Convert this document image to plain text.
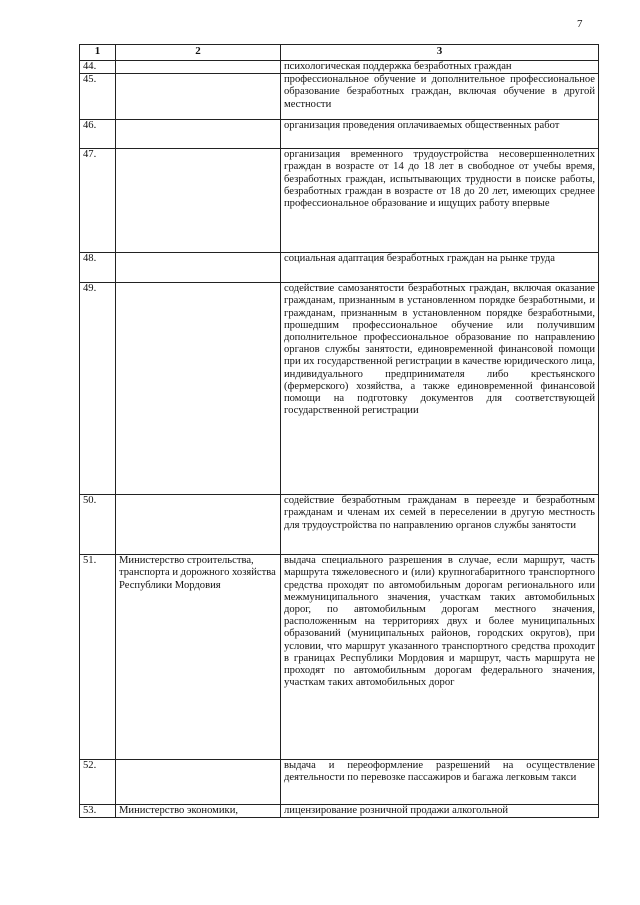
7
1	2	3
44.		психологическая поддержка безработных граждан
45.		профессиональное обучение и дополнительное профессиональное образование безработных граждан, включая обучение в другой местности
46.		организация проведения оплачиваемых общественных работ
47.		организация временного трудоустройства несовершеннолетних граждан в возрасте от 14 до 18 лет в свободное от учебы время, безработных граждан, испытывающих трудности в поиске работы, безработных граждан в возрасте от 18 до 20 лет, имеющих среднее профессиональное образование и ищущих работу впервые
48.		социальная адаптация безработных граждан на рынке труда
49.		содействие самозанятости безработных граждан, включая оказание гражданам, признанным в установленном порядке безработными, и гражданам, признанным в установленном порядке безработными, прошедшим профессиональное обучение или получившим дополнительное профессиональное образование по направлению органов службы занятости, единовременной финансовой помощи при их государственной регистрации в качестве юридического лица, индивидуального предпринимателя либо крестьянского (фермерского) хозяйства, а также единовременной финансовой помощи на подготовку документов для соответствующей государственной регистрации
50.		содействие безработным гражданам в переезде и безработным гражданам и членам их семей в переселении в другую местность для трудоустройства по направлению органов службы занятости
51.	Министерство строительства, транспорта и дорожного хозяйства Республики Мордовия	выдача специального разрешения в случае, если маршрут, часть маршрута тяжеловесного и (или) крупногабаритного транспортного средства проходят по автомобильным дорогам регионального или межмуниципального значения, участкам таких автомобильных дорог, по автомобильным дорогам местного значения, расположенным на территориях двух и более муниципальных образований (муниципальных районов, городских округов), при условии, что маршрут указанного транспортного средства проходит в границах Республики Мордовия и маршрут, часть маршрута не проходят по автомобильным дорогам федерального значения, участкам таких автомобильных дорог
52.		выдача и переоформление разрешений на осуществление деятельности по перевозке пассажиров и багажа легковым такси
53.	Министерство экономики,	лицензирование розничной продажи алкогольной
